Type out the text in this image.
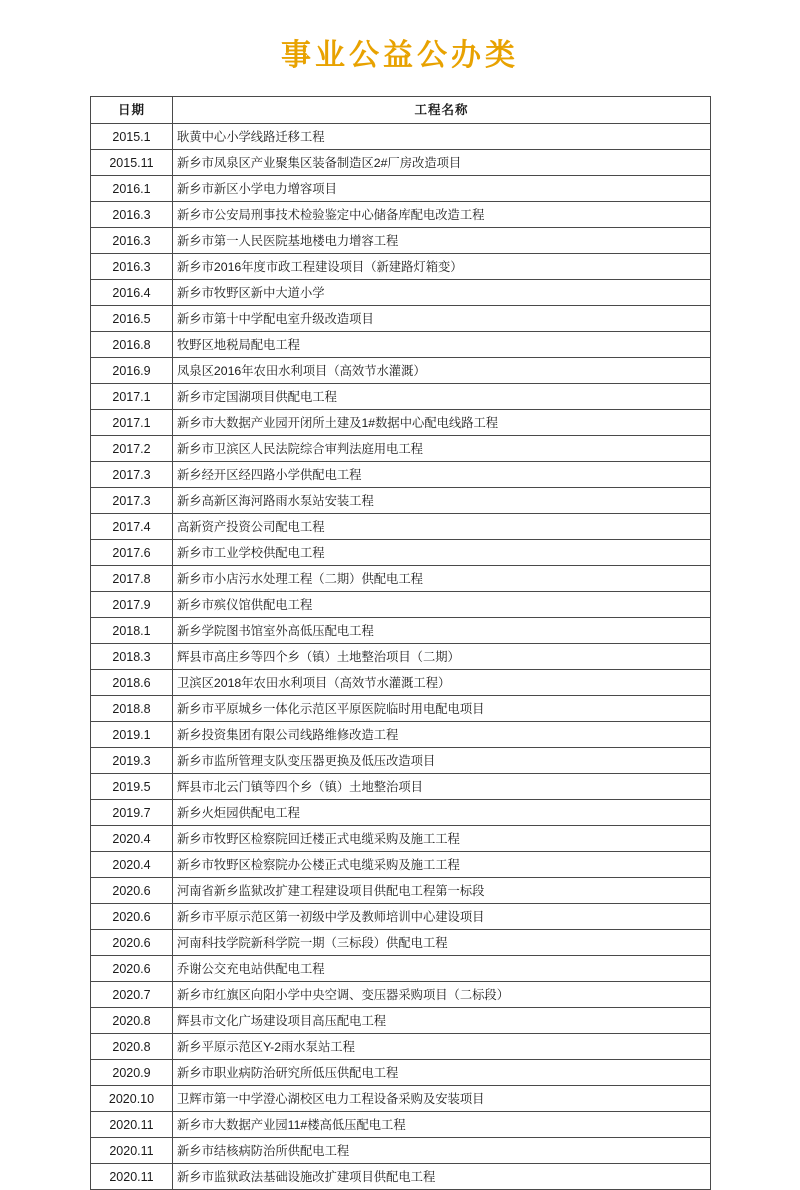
事业公益公办类
日期	工程名称
2015.1	耿黄中心小学线路迁移工程
2015.11	新乡市凤泉区产业聚集区装备制造区2#厂房改造项目
2016.1	新乡市新区小学电力增容项目
2016.3	新乡市公安局刑事技术检验鉴定中心储备库配电改造工程
2016.3	新乡市第一人民医院基地楼电力增容工程
2016.3	新乡市2016年度市政工程建设项目（新建路灯箱变）
2016.4	新乡市牧野区新中大道小学
2016.5	新乡市第十中学配电室升级改造项目
2016.8	牧野区地税局配电工程
2016.9	凤泉区2016年农田水利项目（高效节水灌溉）
2017.1	新乡市定国湖项目供配电工程
2017.1	新乡市大数据产业园开闭所土建及1#数据中心配电线路工程
2017.2	新乡市卫滨区人民法院综合审判法庭用电工程
2017.3	新乡经开区经四路小学供配电工程
2017.3	新乡高新区海河路雨水泵站安装工程
2017.4	高新资产投资公司配电工程
2017.6	新乡市工业学校供配电工程
2017.8	新乡市小店污水处理工程（二期）供配电工程
2017.9	新乡市殡仪馆供配电工程
2018.1	新乡学院图书馆室外高低压配电工程
2018.3	辉县市高庄乡等四个乡（镇）土地整治项目（二期）
2018.6	卫滨区2018年农田水利项目（高效节水灌溉工程）
2018.8	新乡市平原城乡一体化示范区平原医院临时用电配电项目
2019.1	新乡投资集团有限公司线路维修改造工程
2019.3	新乡市监所管理支队变压器更换及低压改造项目
2019.5	辉县市北云门镇等四个乡（镇）土地整治项目
2019.7	新乡火炬园供配电工程
2020.4	新乡市牧野区检察院回迁楼正式电缆采购及施工工程
2020.4	新乡市牧野区检察院办公楼正式电缆采购及施工工程
2020.6	河南省新乡监狱改扩建工程建设项目供配电工程第一标段
2020.6	新乡市平原示范区第一初级中学及教师培训中心建设项目
2020.6	河南科技学院新科学院一期（三标段）供配电工程
2020.6	乔谢公交充电站供配电工程
2020.7	新乡市红旗区向阳小学中央空调、变压器采购项目（二标段）
2020.8	辉县市文化广场建设项目高压配电工程
2020.8	新乡平原示范区Y-2雨水泵站工程
2020.9	新乡市职业病防治研究所低压供配电工程
2020.10	卫辉市第一中学澄心湖校区电力工程设备采购及安装项目
2020.11	新乡市大数据产业园11#楼高低压配电工程
2020.11	新乡市结核病防治所供配电工程
2020.11	新乡市监狱政法基础设施改扩建项目供配电工程
